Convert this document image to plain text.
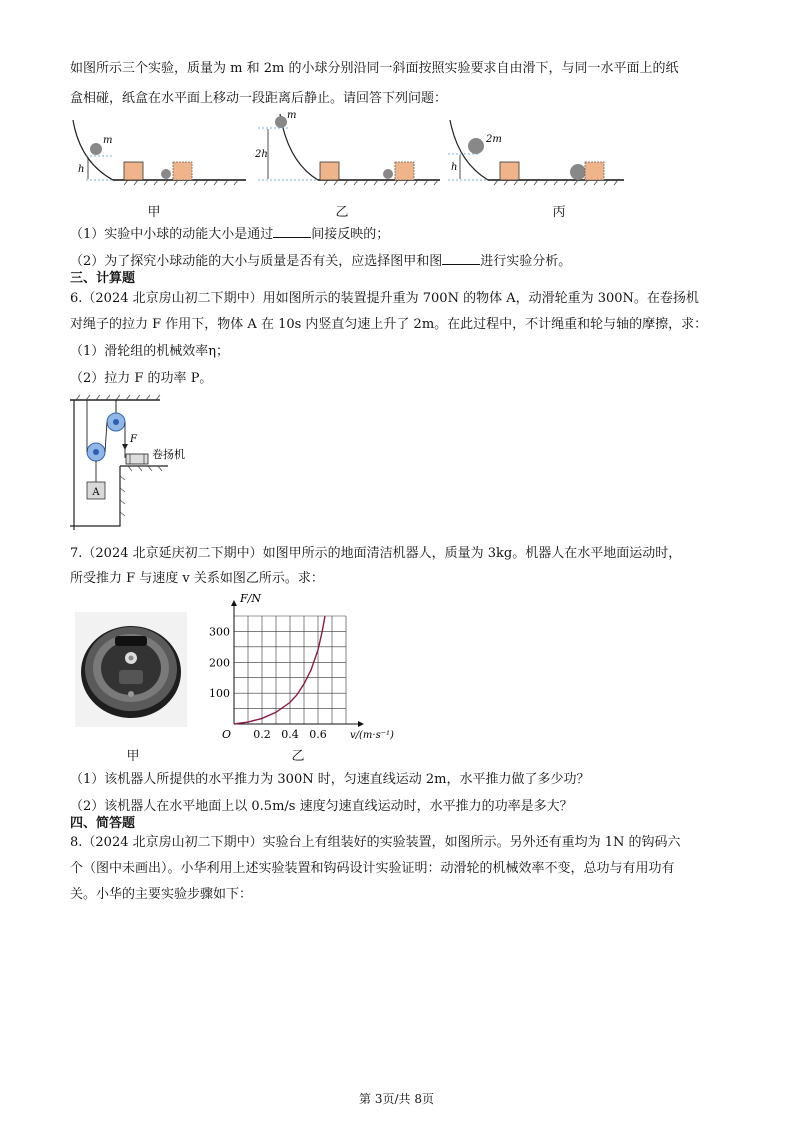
如图所示三个实验，质量为 m 和 2m 的小球分别沿同一斜面按照实验要求自由滑下，与同一水平面上的纸
盒相碰，纸盒在水平面上移动一段距离后静止。请回答下列问题：
m
h
m
2h
2m
h
甲	乙	丙
（1）实验中小球的动能大小是通过	间接反映的；
（2）为了探究小球动能的大小与质量是否有关，应选择图甲和图	进行实验分析。
三、计算题
6.（2024 北京房山初二下期中）用如图所示的装置提升重为 700N 的物体 A，动滑轮重为 300N。在卷扬机
对绳子的拉力 F 作用下，物体 A 在 10s 内竖直匀速上升了 2m。在此过程中，不计绳重和轮与轴的摩擦，求：
（1）滑轮组的机械效率η；
（2）拉力 F 的功率 P。
F
A
卷扬机
7.（2024 北京延庆初二下期中）如图甲所示的地面清洁机器人，质量为 3kg。机器人在水平地面运动时，
所受推力 F 与速度 v 关系如图乙所示。求：
甲
0.2 0.4 0.6
100
200
300
F/N
v/(m·s⁻¹)
O
乙
（1）该机器人所提供的水平推力为 300N 时，匀速直线运动 2m，水平推力做了多少功？
（2）该机器人在水平地面上以 0.5m/s 速度匀速直线运动时，水平推力的功率是多大？
四、简答题
8.（2024 北京房山初二下期中）实验台上有组装好的实验装置，如图所示。另外还有重均为 1N 的钩码六
个（图中未画出）。小华利用上述实验装置和钩码设计实验证明：动滑轮的机械效率不变，总功与有用功有
关。小华的主要实验步骤如下：
第 3页/共 8页
